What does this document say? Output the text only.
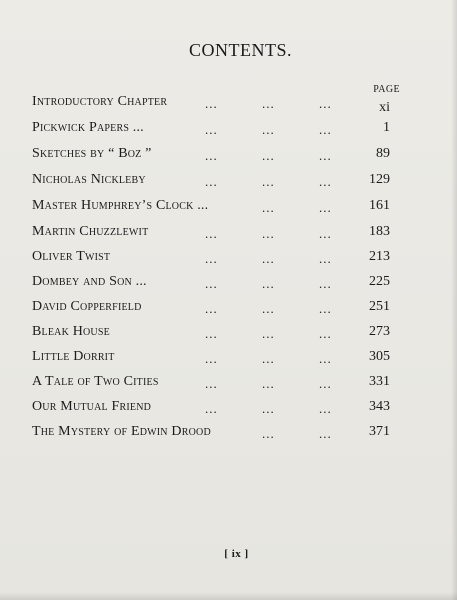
CONTENTS.
PAGE
Introductory Chapter	...	...	...	xi
Pickwick Papers ...	...	...	...	1
Sketches by “ Boz ”	...	...	...	89
Nicholas Nickleby	...	...	...	129
Master Humphrey’s Clock ...	...	...	161
Martin Chuzzlewit	...	...	...	183
Oliver Twist	...	...	...	213
Dombey and Son ...	...	...	...	225
David Copperfield	...	...	...	251
Bleak House	...	...	...	273
Little Dorrit	...	...	...	305
A Tale of Two Cities	...	...	...	331
Our Mutual Friend	...	...	...	343
The Mystery of Edwin Drood	...	...	371
[ ix ]
